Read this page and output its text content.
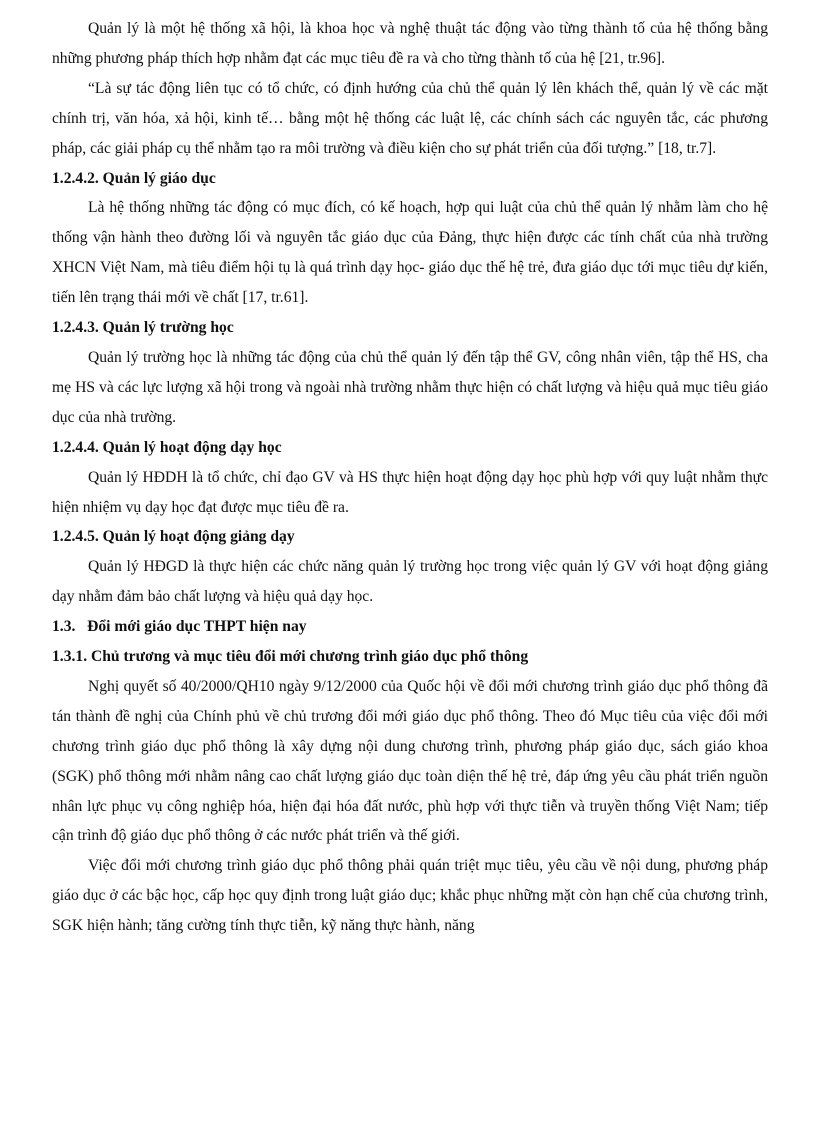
Quản lý là một hệ thống xã hội, là khoa học và nghệ thuật tác động vào từng thành tố của hệ thống bằng những phương pháp thích hợp nhằm đạt các mục tiêu đề ra và cho từng thành tố của hệ [21, tr.96].

“Là sự tác động liên tục có tổ chức, có định hướng của chủ thể quản lý lên khách thể, quản lý về các mặt chính trị, văn hóa, xả hội, kinh tế… bằng một hệ thống các luật lệ, các chính sách các nguyên tắc, các phương pháp, các giải pháp cụ thể nhằm tạo ra môi trường và điều kiện cho sự phát triển của đối tượng.” [18, tr.7].

1.2.4.2. Quản lý giáo dục

Là hệ thống những tác động có mục đích, có kế hoạch, hợp qui luật của chủ thể quản lý nhằm làm cho hệ thống vận hành theo đường lối và nguyên tắc giáo dục của Đảng, thực hiện được các tính chất của nhà trường XHCN Việt Nam, mà tiêu điểm hội tụ là quá trình dạy học- giáo dục thế hệ trẻ, đưa giáo dục tới mục tiêu dự kiến, tiến lên trạng thái mới về chất [17, tr.61].

1.2.4.3. Quản lý trường học

Quản lý trường học là những tác động của chủ thể quản lý đến tập thể GV, công nhân viên, tập thể HS, cha mẹ HS và các lực lượng xã hội trong và ngoài nhà trường nhằm thực hiện có chất lượng và hiệu quả mục tiêu giáo dục của nhà trường.

1.2.4.4. Quản lý hoạt động dạy học

Quản lý HĐDH là tổ chức, chỉ đạo GV và HS thực hiện hoạt động dạy học phù hợp với quy luật nhằm thực hiện nhiệm vụ dạy học đạt được mục tiêu đề ra.

1.2.4.5. Quản lý hoạt động giảng dạy

Quản lý HĐGD là thực hiện các chức năng quản lý trường học trong việc quản lý GV với hoạt động giảng dạy nhằm đảm bảo chất lượng và hiệu quả dạy học.

1.3.   Đổi mới giáo dục THPT hiện nay
1.3.1. Chủ trương và mục tiêu đổi mới chương trình giáo dục phổ thông

Nghị quyết số 40/2000/QH10 ngày 9/12/2000 của Quốc hội về đổi mới chương trình giáo dục phổ thông đã tán thành đề nghị của Chính phủ về chủ trương đổi mới giáo dục phổ thông. Theo đó Mục tiêu của việc đổi mới chương trình giáo dục phổ thông là xây dựng nội dung chương trình, phương pháp giáo dục, sách giáo khoa (SGK) phổ thông mới nhằm nâng cao chất lượng giáo dục toàn diện thế hệ trẻ, đáp ứng yêu cầu phát triển nguồn nhân lực phục vụ công nghiệp hóa, hiện đại hóa đất nước, phù hợp với thực tiễn và truyền thống Việt Nam; tiếp cận trình độ giáo dục phổ thông ở các nước phát triển và thế giới.

Việc đổi mới chương trình giáo dục phổ thông phải quán triệt mục tiêu, yêu cầu về nội dung, phương pháp giáo dục ở các bậc học, cấp học quy định trong luật giáo dục; khắc phục những mặt còn hạn chế của chương trình, SGK hiện hành; tăng cường tính thực tiễn, kỹ năng thực hành, năng
